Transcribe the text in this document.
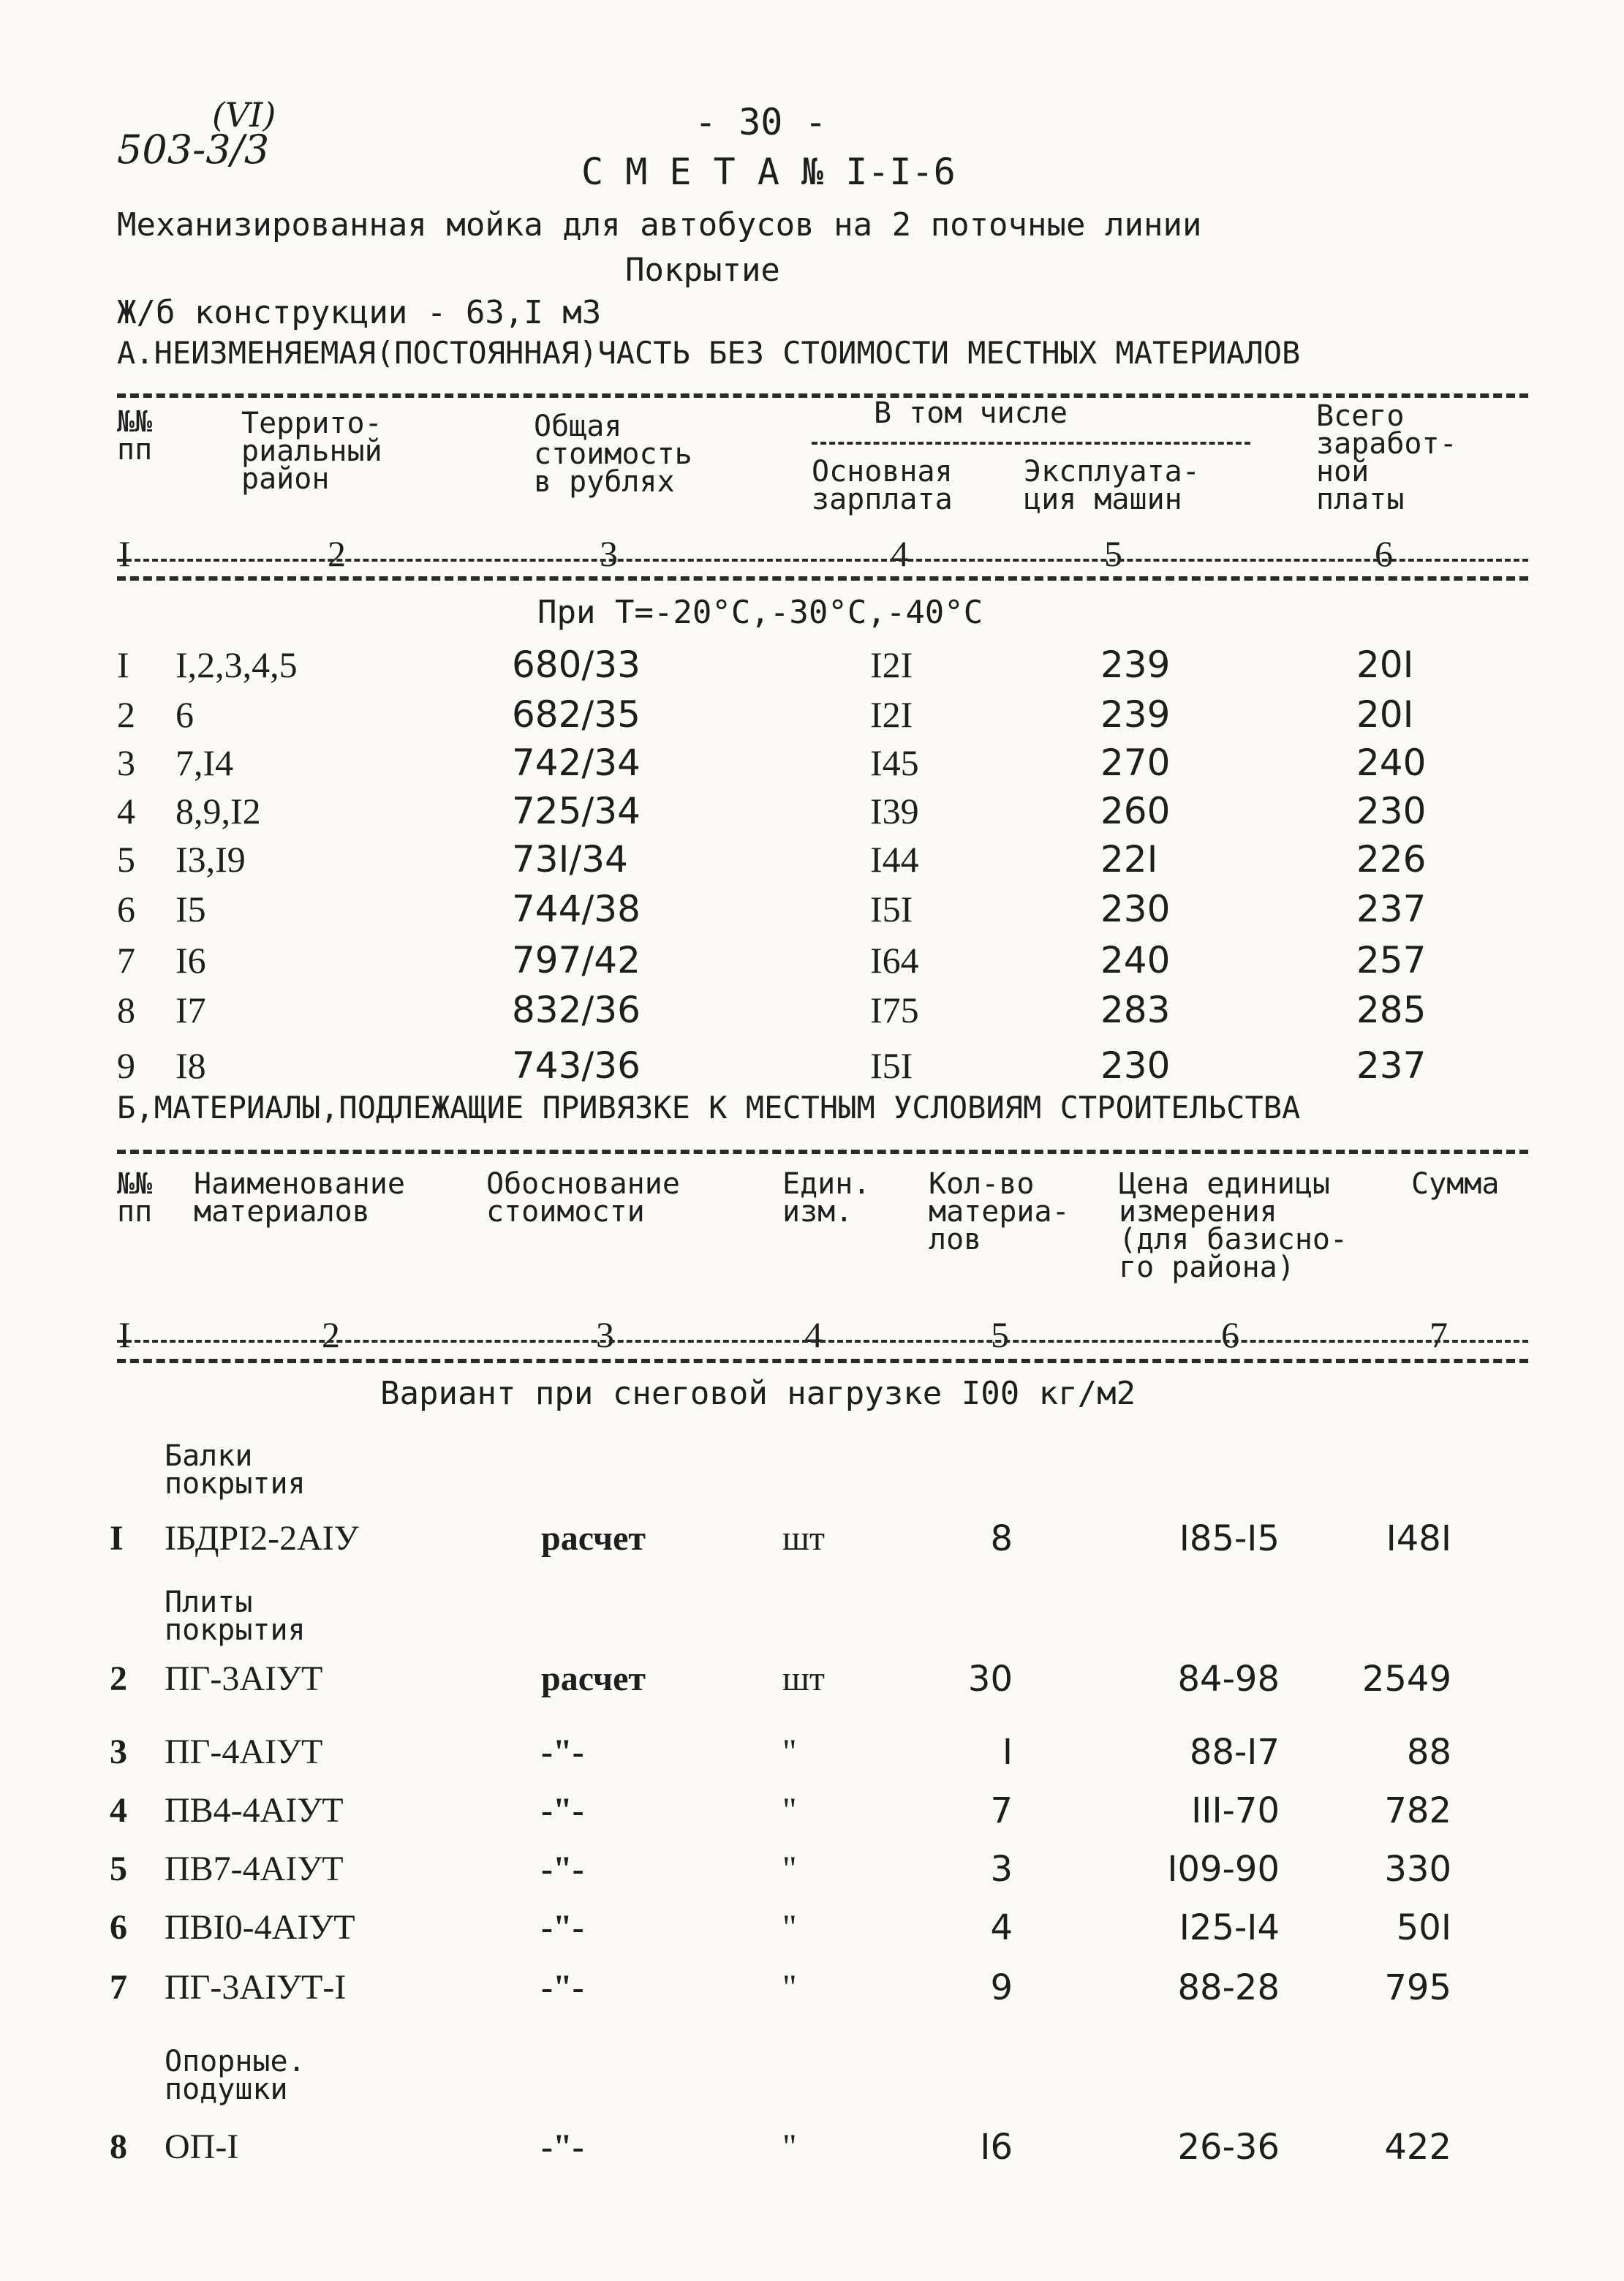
(VI)
503-3/3
- 30 -
С М Е Т А № I-I-6
Механизированная мойка для автобусов на 2 поточные линии
Покрытие
Ж/б конструкции - 63,I м3
А.НЕИЗМЕНЯЕМАЯ(ПОСТОЯННАЯ)ЧАСТЬ БЕЗ СТОИМОСТИ МЕСТНЫХ МАТЕРИАЛОВ
№№
пп
Террито-
риальный
район
Общая
стоимость
в рублях
В том числе
Основная
зарплата
Эксплуата-
ция машин
Всего
заработ-
ной
платы
I	2	3	4	5	6
При Т=-20°С,-30°С,-40°С
I I,2,3,4,5	680/33	I2I	239	20I
2 6	682/35	I2I	239	20I
3 7,I4	742/34	I45	270	240
4 8,9,I2	725/34	I39	260	230
5 I3,I9	73I/34	I44	22I	226
6 I5	744/38	I5I	230	237
7 I6	797/42	I64	240	257
8 I7	832/36	I75	283	285
9 I8	743/36	I5I	230	237
Б,МАТЕРИАЛЫ,ПОДЛЕЖАЩИЕ ПРИВЯЗКЕ К МЕСТНЫМ УСЛОВИЯМ СТРОИТЕЛЬСТВА
№№
пп
Наименование
материалов
Обоснование
стоимости
Един.
изм.
Кол-во
материа-
лов
Цена единицы
измерения
(для базисно-
го района)
Сумма
I	2	3	4	5	6	7
Вариант при снеговой нагрузке I00 кг/м2
Балки
покрытия
Плиты
покрытия
Опорные.
подушки
I IБДРI2-2AIУ	расчет	шт	8	I85-I5	I48I
2 ПГ-3АIУТ	расчет	шт	30	84-98 2549
3 ПГ-4АIУТ	-"-	"	I	88-I7	88
4 ПВ4-4АIУТ	-"-	"	7	III-70	782
5 ПВ7-4АIУТ	-"-	"	3	I09-90	330
6 ПВI0-4АIУТ	-"-	"	4	I25-I4	50I
7 ПГ-3АIУТ-I	-"-	"	9	88-28	795
8 ОП-I	-"-	"	I6	26-36	422
